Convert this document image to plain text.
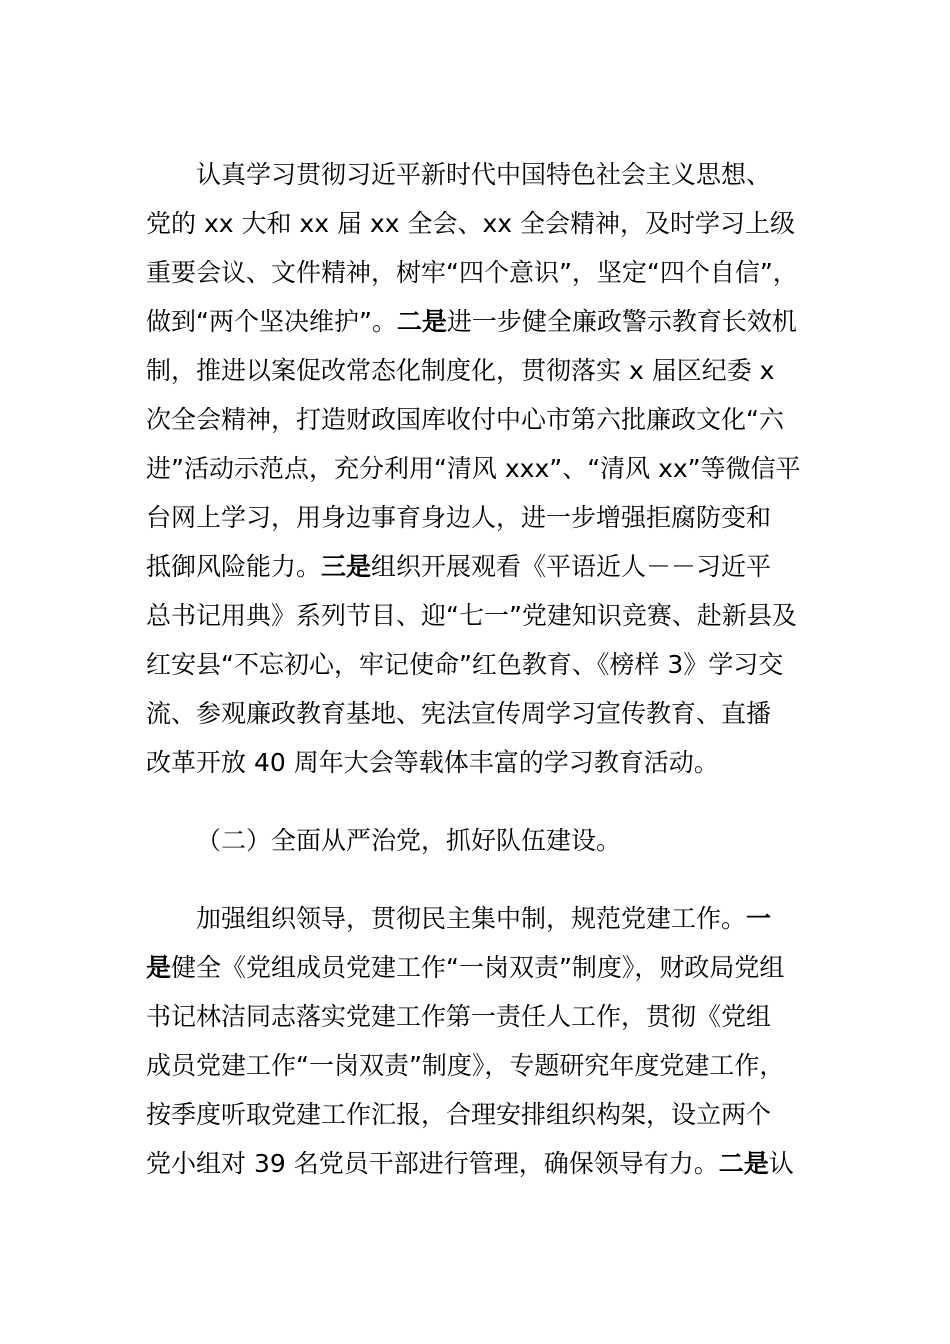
认真学习贯彻习近平新时代中国特色社会主义思想、
党的 xx 大和 xx 届 xx 全会、xx 全会精神，及时学习上级
重要会议、文件精神，树牢“四个意识”，坚定“四个自信”，
做到“两个坚决维护”。二是进一步健全廉政警示教育长效机
制，推进以案促改常态化制度化，贯彻落实 x 届区纪委 x
次全会精神，打造财政国库收付中心市第六批廉政文化“六
进”活动示范点，充分利用“清风 xxx”、“清风 xx”等微信平
台网上学习，用身边事育身边人，进一步增强拒腐防变和
抵御风险能力。三是组织开展观看《平语近人－－习近平
总书记用典》系列节目、迎“七一”党建知识竞赛、赴新县及
红安县“不忘初心，牢记使命”红色教育、《榜样 3》学习交
流、参观廉政教育基地、宪法宣传周学习宣传教育、直播
改革开放 40 周年大会等载体丰富的学习教育活动。
（二）全面从严治党，抓好队伍建设。
加强组织领导，贯彻民主集中制，规范党建工作。一
是健全《党组成员党建工作“一岗双责”制度》，财政局党组
书记林洁同志落实党建工作第一责任人工作，贯彻《党组
成员党建工作“一岗双责”制度》，专题研究年度党建工作，
按季度听取党建工作汇报，合理安排组织构架，设立两个
党小组对 39 名党员干部进行管理，确保领导有力。二是认
